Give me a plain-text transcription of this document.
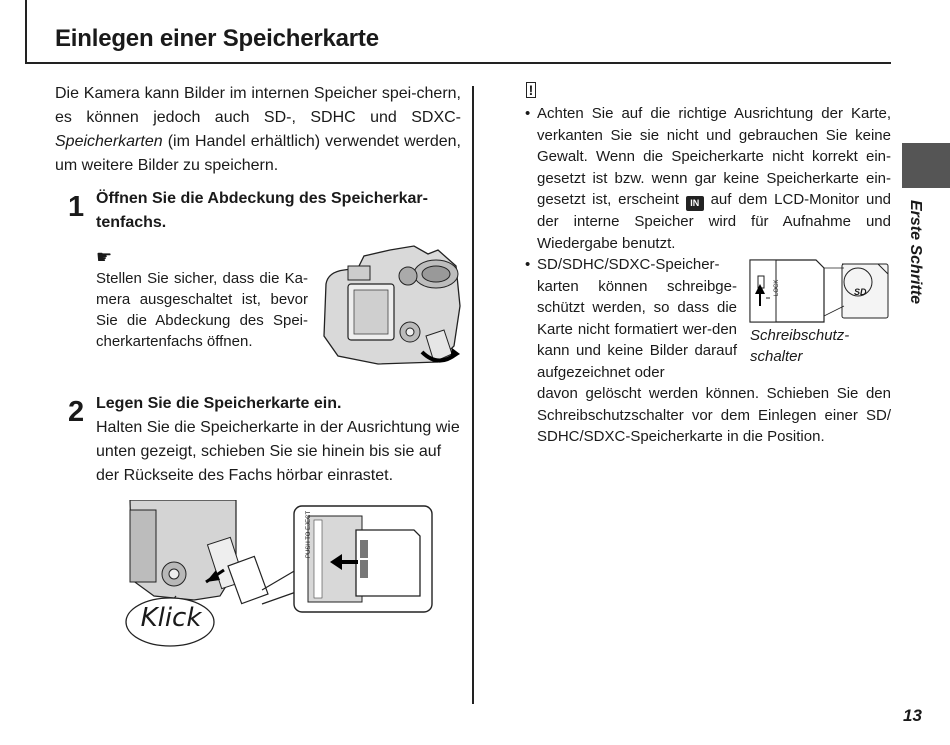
Einlegen einer Speicherkarte
Die Kamera kann Bilder im internen Speicher spei-chern, es können jedoch auch SD-, SDHC und SDXC- Speicherkarten (im Handel erhältlich) verwendet werden, um weitere Bilder zu speichern.
1 Öffnen Sie die Abdeckung des Speicherkar-tenfachs.
☛
Stellen Sie sicher, dass die Ka-mera ausgeschaltet ist, bevor Sie die Abdeckung des Spei-cherkartenfachs öffnen.
2 Legen Sie die Speicherkarte ein.
Halten Sie die Speicherkarte in der Ausrichtung wie unten gezeigt, schieben Sie sie hinein bis sie auf der Rückseite des Fachs hörbar einrastet.
Klick
PUSH TO EJECT
!
• Achten Sie auf die richtige Ausrichtung der Karte, verkanten Sie sie nicht und gebrauchen Sie keine Gewalt. Wenn die Speicherkarte nicht korrekt ein-gesetzt ist bzw. wenn gar keine Speicherkarte ein-gesetzt ist, erscheint IN auf dem LCD-Monitor und der interne Speicher wird für Aufnahme und Wiedergabe benutzt.
• SD/SDHC/SDXC-Speicher-karten können schreibge-schützt werden, so dass die Karte nicht formatiert wer-den kann und keine Bilder darauf aufgezeichnet oder
davon gelöscht werden können. Schieben Sie den Schreibschutzschalter vor dem Einlegen einer SD/ SDHC/SDXC-Speicherkarte in die Position.
LOCK	SD
Schreibschutz-schalter
Erste Schritte
13
